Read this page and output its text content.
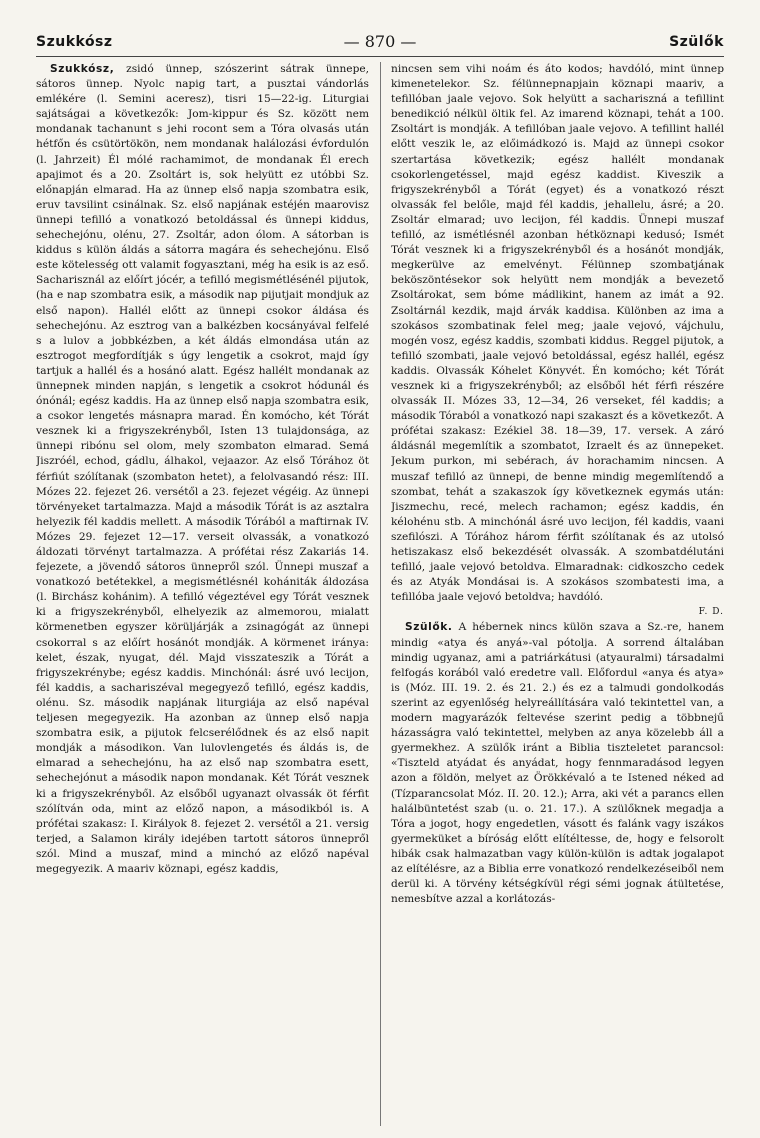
Szukkósz	— 870 —	Szülők

Szukkósz, zsidó ünnep, szószerint sátrak ünnepe, sátoros ünnep. Nyolc napig tart, a pusztai vándorlás emlékére (l. Semini aceresz), tisri 15—22-ig. Liturgiai sajátságai a következők: Jom-kippur és Sz. között nem mondanak tachanunt s jehi rocont sem a Tóra olvasás után hétfőn és csütörtökön, nem mondanak halálozási évfordulón (l. Jahrzeit) Él mólé rachamimot, de mondanak Él erech apajimot és a 20. Zsoltárt is, sok helyütt ez utóbbi Sz. előnapján elmarad. Ha az ünnep első napja szombatra esik, eruv tavsilint csinálnak. Sz. első napjának estéjén maarovisz ünnepi tefilló a vonatkozó betoldással és ünnepi kiddus, sehechejónu, olénu, 27. Zsoltár, adon ólom. A sátorban is kiddus s külön áldás a sátorra magára és sehechejónu. Első este kötelesség ott valamit fogyasztani, még ha esik is az eső. Sacharisznál az előírt jócér, a tefilló megismétlésénél pijutok, (ha e nap szombatra esik, a második nap pijutjait mondjuk az első napon). Hallél előtt az ünnepi csokor áldása és sehechejónu. Az esztrog van a balkézben kocsányával felfelé s a lulov a jobbkézben, a két áldás elmondása után az esztrogot megfordítják s úgy lengetik a csokrot, majd így tartjuk a hallél és a hosánó alatt. Egész hallélt mondanak az ünnepnek minden napján, s lengetik a csokrot hódunál és ónónál; egész kaddis. Ha az ünnep első napja szombatra esik, a csokor lengetés másnapra marad. Én komócho, két Tórát vesznek ki a frigyszekrényből, Isten 13 tulajdonsága, az ünnepi ribónu sel olom, mely szombaton elmarad. Semá Jiszróél, echod, gádlu, álhakol, vejaazor. Az első Tórához öt férfiút szólítanak (szombaton hetet), a felolvasandó rész: III. Mózes 22. fejezet 26. versétől a 23. fejezet végéig. Az ünnepi törvényeket tartalmazza. Majd a második Tórát is az asztalra helyezik fél kaddis mellett. A második Tórából a maftirnak IV. Mózes 29. fejezet 12—17. verseit olvassák, a vonatkozó áldozati törvényt tartalmazza. A prófétai rész Zakariás 14. fejezete, a jövendő sátoros ünnepről szól. Ünnepi muszaf a vonatkozó betétekkel, a megismétlésnél kohániták áldozása (l. Birchász kohánim). A tefilló végeztével egy Tórát vesznek ki a frigyszekrényből, elhelyezik az almemorou, mialatt körmenetben egyszer körüljárják a zsinagógát az ünnepi csokorral s az előírt hosánót mondják. A körmenet iránya: kelet, észak, nyugat, dél. Majd visszateszik a Tórát a frigyszekrénybe; egész kaddis. Minchónál: ásré uvó lecijon, fél kaddis, a sachariszéval megegyező tefilló, egész kaddis, olénu. Sz. második napjának liturgiája az első napéval teljesen megegyezik. Ha azonban az ünnep első napja szombatra esik, a pijutok felcserélődnek és az első napit mondják a másodikon. Van lulovlengetés és áldás is, de elmarad a sehechejónu, ha az első nap szombatra esett, sehechejónut a második napon mondanak. Két Tórát vesznek ki a frigyszekrényből. Az elsőből ugyanazt olvassák öt férfit szólítván oda, mint az előző napon, a másodikból is. A prófétai szakasz: I. Királyok 8. fejezet 2. versétől a 21. versig terjed, a Salamon király idejében tartott sátoros ünnepről szól. Mind a muszaf, mind a minchó az előző napéval megegyezik. A maariv köznapi, egész kaddis,

nincsen sem vihi noám és áto kodos; havdóló, mint ünnep kimenetelekor. Sz. félünnepnapjain köznapi maariv, a tefillóban jaale vejovo. Sok helyütt a sachariszná a tefillint benedikció nélkül öltik fel. Az imarend köznapi, tehát a 100. Zsoltárt is mondják. A tefillóban jaale vejovo. A tefillint hallél előtt veszik le, az előimádkozó is. Majd az ünnepi csokor szertartása következik; egész hallélt mondanak csokorlengetéssel, majd egész kaddist. Kiveszik a frigyszekrényből a Tórát (egyet) és a vonatkozó részt olvassák fel belőle, majd fél kaddis, jehallelu, ásré; a 20. Zsoltár elmarad; uvo lecijon, fél kaddis. Ünnepi muszaf tefilló, az ismétlésnél azonban hétköznapi kedusó; Ismét Tórát vesznek ki a frigyszekrényből és a hosánót mondják, megkerülve az emelvényt. Félünnep szombatjának beköszöntésekor sok helyütt nem mondják a bevezető Zsoltárokat, sem bóme mádlikint, hanem az imát a 92. Zsoltárnál kezdik, majd árvák kaddisa. Különben az ima a szokásos szombatinak felel meg; jaale vejovó, vájchulu, mogén vosz, egész kaddis, szombati kiddus. Reggel pijutok, a tefilló szombati, jaale vejovó betoldással, egész hallél, egész kaddis. Olvassák Kóhelet Könyvét. Én komócho; két Tórát vesznek ki a frigyszekrényből; az elsőből hét férfi részére olvassák II. Mózes 33, 12—34, 26 verseket, fél kaddis; a második Tóraból a vonatkozó napi szakaszt és a következőt. A prófétai szakasz: Ezékiel 38. 18—39, 17. versek. A záró áldásnál megemlítik a szombatot, Izraelt és az ünnepeket. Jekum purkon, mi sebérach, áv horachamim nincsen. A muszaf tefilló az ünnepi, de benne mindig megemlítendő a szombat, tehát a szakaszok így következnek egymás után: Jiszmechu, recé, melech rachamon; egész kaddis, én kélohénu stb. A minchónál ásré uvo lecijon, fél kaddis, vaani szefilószi. A Tórához három férfit szólítanak és az utolsó hetiszakasz első bekezdését olvassák. A szombatdélutáni tefilló, jaale vejovó betoldva. Elmaradnak: cidkoszcho cedek és az Atyák Mondásai is. A szokásos szombatesti ima, a tefillóba jaale vejovó betoldva; havdóló.

F. D.

Szülők. A hébernek nincs külön szava a Sz.-re, hanem mindig «atya és anyá»-val pótolja. A sorrend általában mindig ugyanaz, ami a patriárkátusi (atyauralmi) társadalmi felfogás korából való eredetre vall. Előfordul «anya és atya» is (Móz. III. 19. 2. és 21. 2.) és ez a talmudi gondolkodás szerint az egyenlőség helyreállítására való tekintettel van, a modern magyarázók feltevése szerint pedig a többnejű házasságra való tekintettel, melyben az anya közelebb áll a gyermekhez. A szülők iránt a Biblia tiszteletet parancsol: «Tiszteld atyádat és anyádat, hogy fennmaradásod legyen azon a földön, melyet az Örökkévaló a te Istened néked ad (Tízparancsolat Móz. II. 20. 12.); Arra, aki vét a parancs ellen halálbüntetést szab (u. o. 21. 17.). A szülőknek megadja a Tóra a jogot, hogy engedetlen, vásott és falánk vagy iszákos gyermeküket a bíróság előtt elítéltesse, de, hogy e felsorolt hibák csak halmazatban vagy külön-külön is adtak jogalapot az elítélésre, az a Biblia erre vonatkozó rendelkezéseiből nem derül ki. A törvény kétségkívül régi sémi jognak átültetése, nemesbítve azzal a korlátozás-
